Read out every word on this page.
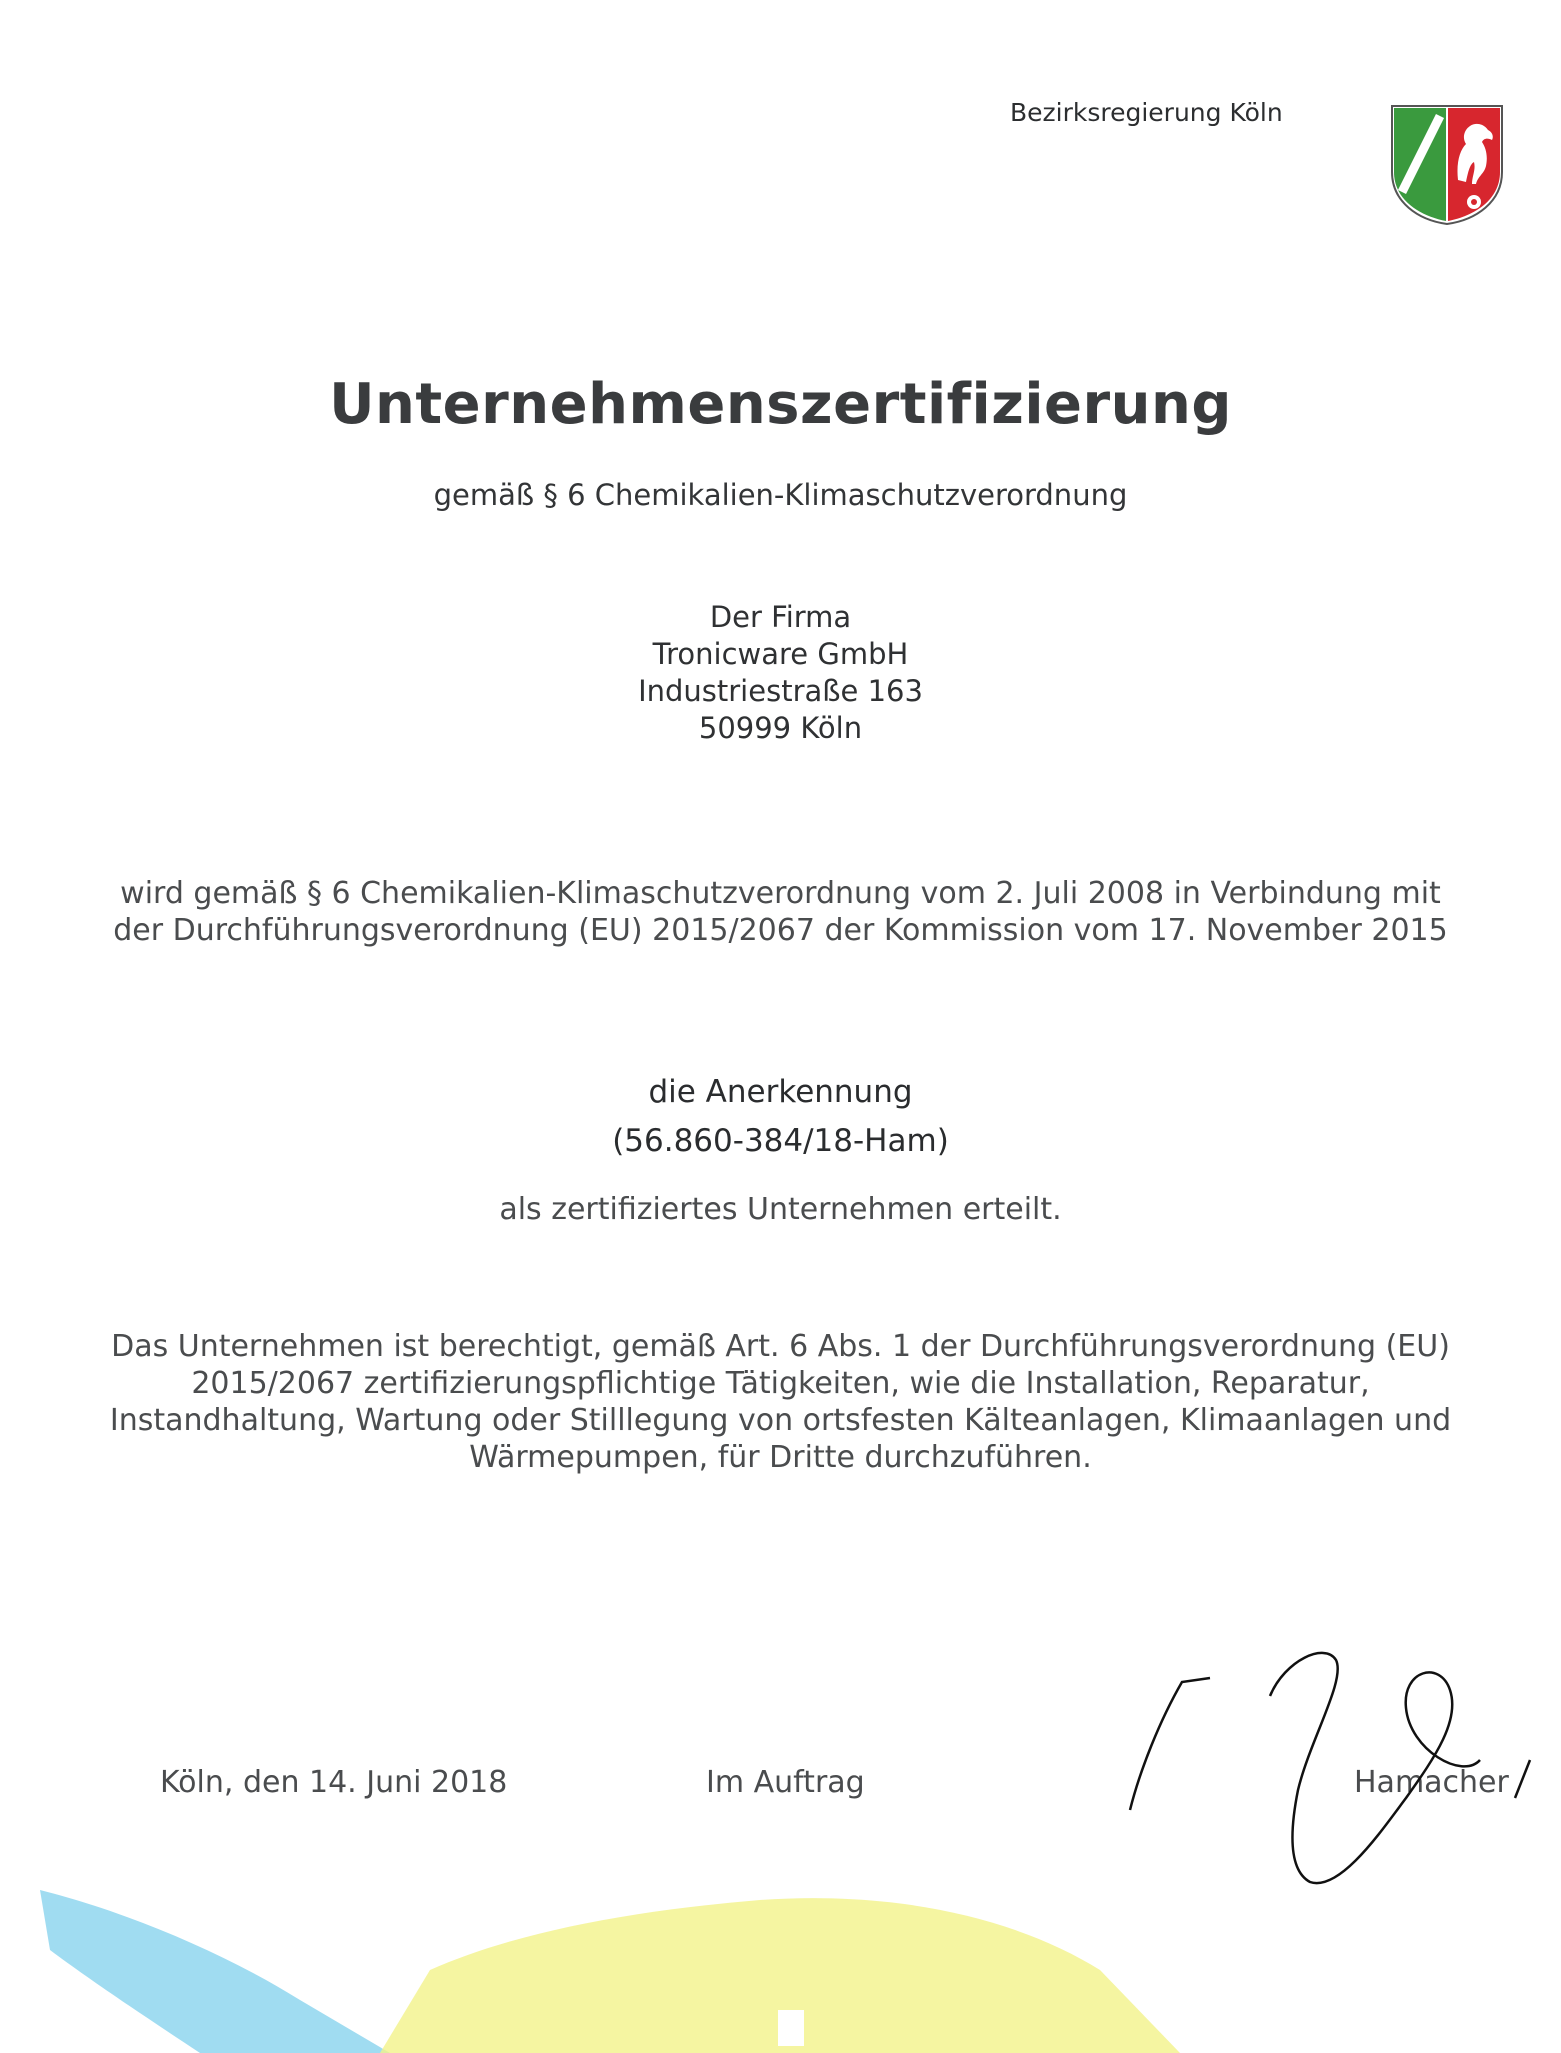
Bezirksregierung Köln
Unternehmenszertifizierung
gemäß § 6 Chemikalien-Klimaschutzverordnung
Der Firma
Tronicware GmbH
Industriestraße 163
50999 Köln
wird gemäß § 6 Chemikalien-Klimaschutzverordnung vom 2. Juli 2008 in Verbindung mit
der Durchführungsverordnung (EU) 2015/2067 der Kommission vom 17. November 2015
die Anerkennung
(56.860-384/18-Ham)
als zertifiziertes Unternehmen erteilt.
Das Unternehmen ist berechtigt, gemäß Art. 6 Abs. 1 der Durchführungsverordnung (EU)
2015/2067 zertifizierungspflichtige Tätigkeiten, wie die Installation, Reparatur,
Instandhaltung, Wartung oder Stilllegung von ortsfesten Kälteanlagen, Klimaanlagen und
Wärmepumpen, für Dritte durchzuführen.
Köln, den 14. Juni 2018	Im Auftrag	Hamacher
